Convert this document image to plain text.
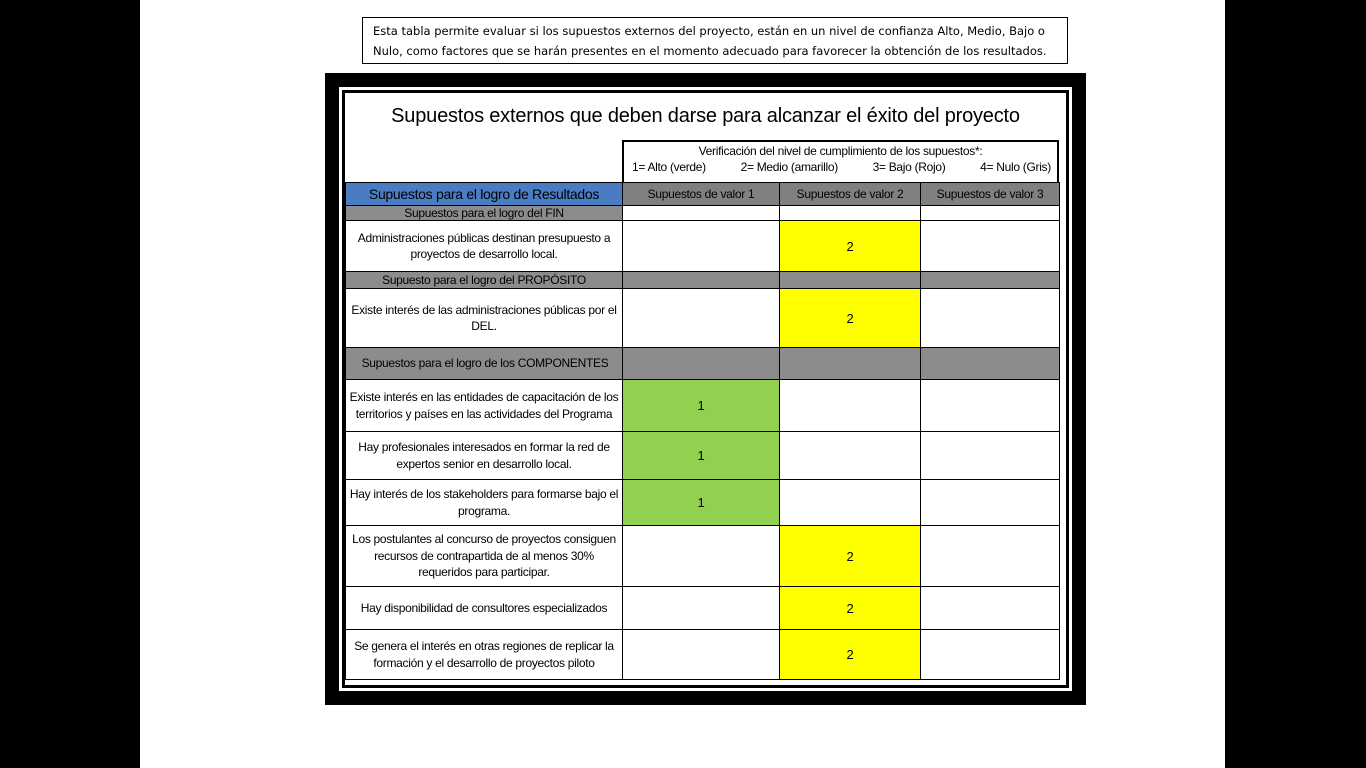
Esta tabla permite evaluar si los supuestos externos del proyecto, están en un nivel de confianza Alto, Medio, Bajo o
Nulo, como factores que se harán presentes en el momento adecuado para favorecer la obtención de los resultados.
Supuestos externos que deben darse para alcanzar el éxito del proyecto
Verificación del nivel de cumplimiento de los supuestos*:
1= Alto (verde)	2= Medio (amarillo)	3= Bajo (Rojo)	4= Nulo (Gris)
Supuestos para el logro de Resultados	Supuestos de valor 1	Supuestos de valor 2	Supuestos de valor 3
Supuestos para el logro del FIN			
Administraciones públicas destinan presupuesto a proyectos de desarrollo local.		2	
Supuesto para el logro del PROPÓSITO			
Existe interés de las administraciones públicas por el DEL.		2	
Supuestos para el logro de los COMPONENTES			
Existe interés en las entidades de capacitación de los territorios y países en las actividades del Programa	1		
Hay profesionales interesados en formar la red de expertos senior en desarrollo local.	1		
Hay interés de los stakeholders para formarse bajo el programa.	1		
Los postulantes al concurso de proyectos consiguen recursos de contrapartida de al menos 30% requeridos para participar.		2	
Hay disponibilidad de consultores especializados		2	
Se genera el interés en otras regiones de replicar la formación y el desarrollo de proyectos piloto		2	
